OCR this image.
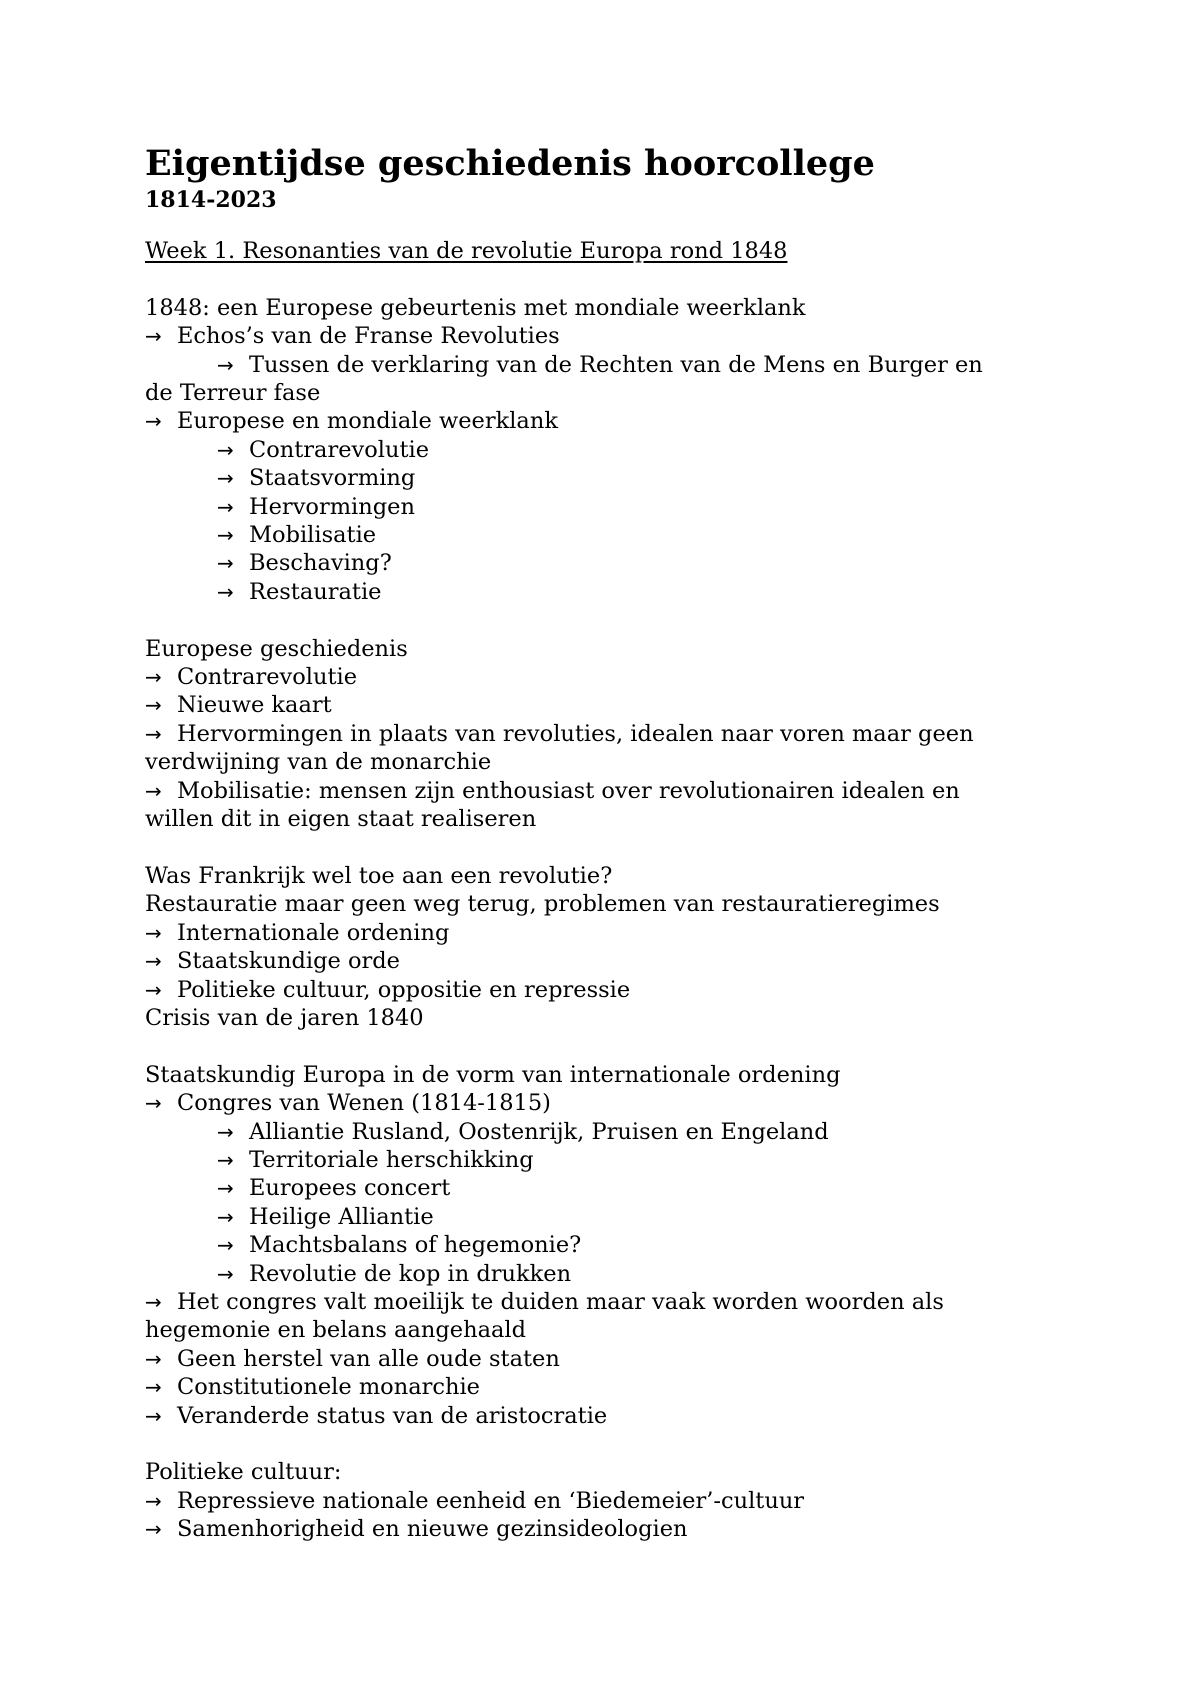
Eigentijdse geschiedenis hoorcollege
1814-2023
Week 1. Resonanties van de revolutie Europa rond 1848
1848: een Europese gebeurtenis met mondiale weerklank
→ Echos’s van de Franse Revoluties
→ Tussen de verklaring van de Rechten van de Mens en Burger en
de Terreur fase
→ Europese en mondiale weerklank
→ Contrarevolutie
→ Staatsvorming
→ Hervormingen
→ Mobilisatie
→ Beschaving?
→ Restauratie
Europese geschiedenis
→ Contrarevolutie
→ Nieuwe kaart
→ Hervormingen in plaats van revoluties, idealen naar voren maar geen
verdwijning van de monarchie
→ Mobilisatie: mensen zijn enthousiast over revolutionairen idealen en
willen dit in eigen staat realiseren
Was Frankrijk wel toe aan een revolutie?
Restauratie maar geen weg terug, problemen van restauratieregimes
→ Internationale ordening
→ Staatskundige orde
→ Politieke cultuur, oppositie en repressie
Crisis van de jaren 1840
Staatskundig Europa in de vorm van internationale ordening
→ Congres van Wenen (1814-1815)
→ Alliantie Rusland, Oostenrijk, Pruisen en Engeland
→ Territoriale herschikking
→ Europees concert
→ Heilige Alliantie
→ Machtsbalans of hegemonie?
→ Revolutie de kop in drukken
→ Het congres valt moeilijk te duiden maar vaak worden woorden als
hegemonie en belans aangehaald
→ Geen herstel van alle oude staten
→ Constitutionele monarchie
→ Veranderde status van de aristocratie
Politieke cultuur:
→ Repressieve nationale eenheid en ‘Biedemeier’-cultuur
→ Samenhorigheid en nieuwe gezinsideologien
